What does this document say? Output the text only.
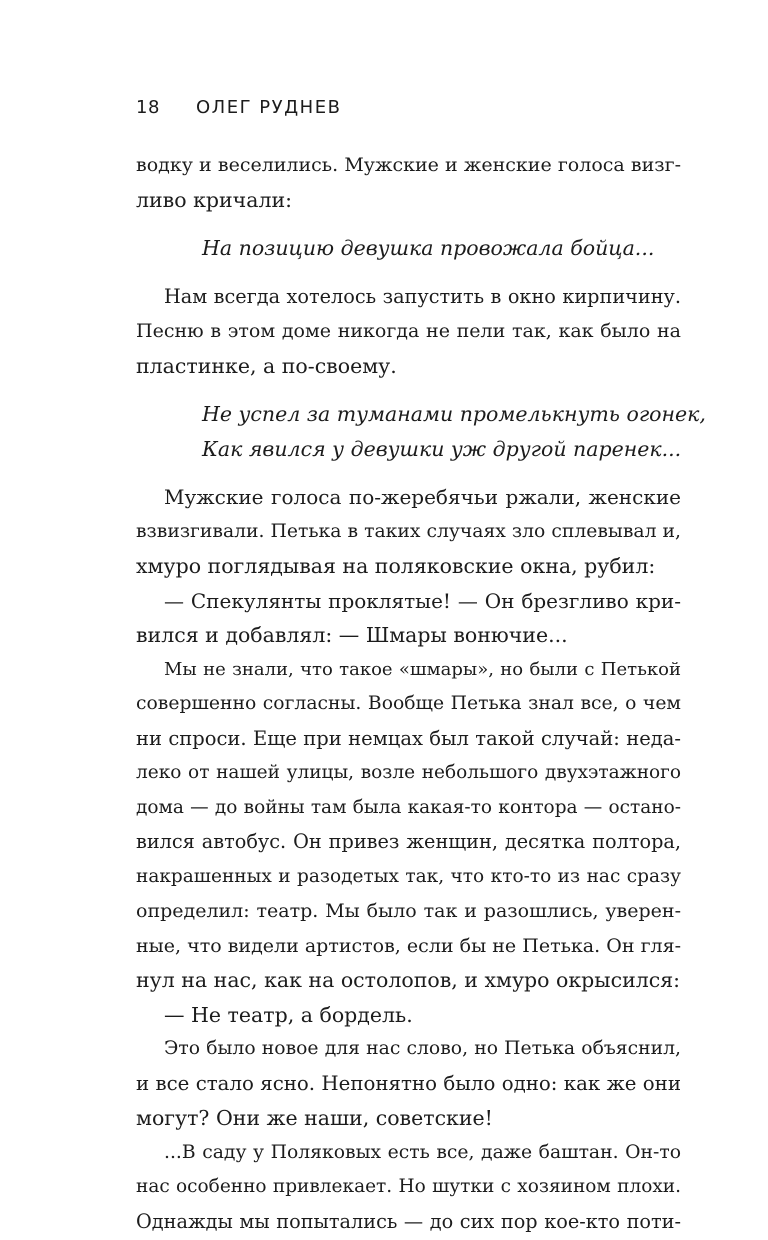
18	ОЛЕГ РУДНЕВ
водку и веселились. Мужские и женские голоса визг-
ливо кричали:
На позицию девушка провожала бойца...
Нам всегда хотелось запустить в окно кирпичину.
Песню в этом доме никогда не пели так, как было на
пластинке, а по-своему.
Не успел за туманами промелькнуть огонек,
Как явился у девушки уж другой паренек...
Мужские голоса по-жеребячьи ржали, женские
взвизгивали. Петька в таких случаях зло сплевывал и,
хмуро поглядывая на поляковские окна, рубил:
— Спекулянты проклятые! — Он брезгливо кри-
вился и добавлял: — Шмары вонючие...
Мы не знали, что такое «шмары», но были с Петькой
совершенно согласны. Вообще Петька знал все, о чем
ни спроси. Еще при немцах был такой случай: неда-
леко от нашей улицы, возле небольшого двухэтажного
дома — до войны там была какая-то контора — остано-
вился автобус. Он привез женщин, десятка полтора,
накрашенных и разодетых так, что кто-то из нас сразу
определил: театр. Мы было так и разошлись, уверен-
ные, что видели артистов, если бы не Петька. Он гля-
нул на нас, как на остолопов, и хмуро окрысился:
— Не театр, а бордель.
Это было новое для нас слово, но Петька объяснил,
и все стало ясно. Непонятно было одно: как же они
могут? Они же наши, советские!
...В саду у Поляковых есть все, даже баштан. Он-то
нас особенно привлекает. Но шутки с хозяином плохи.
Однажды мы попытались — до сих пор кое-кто поти-
